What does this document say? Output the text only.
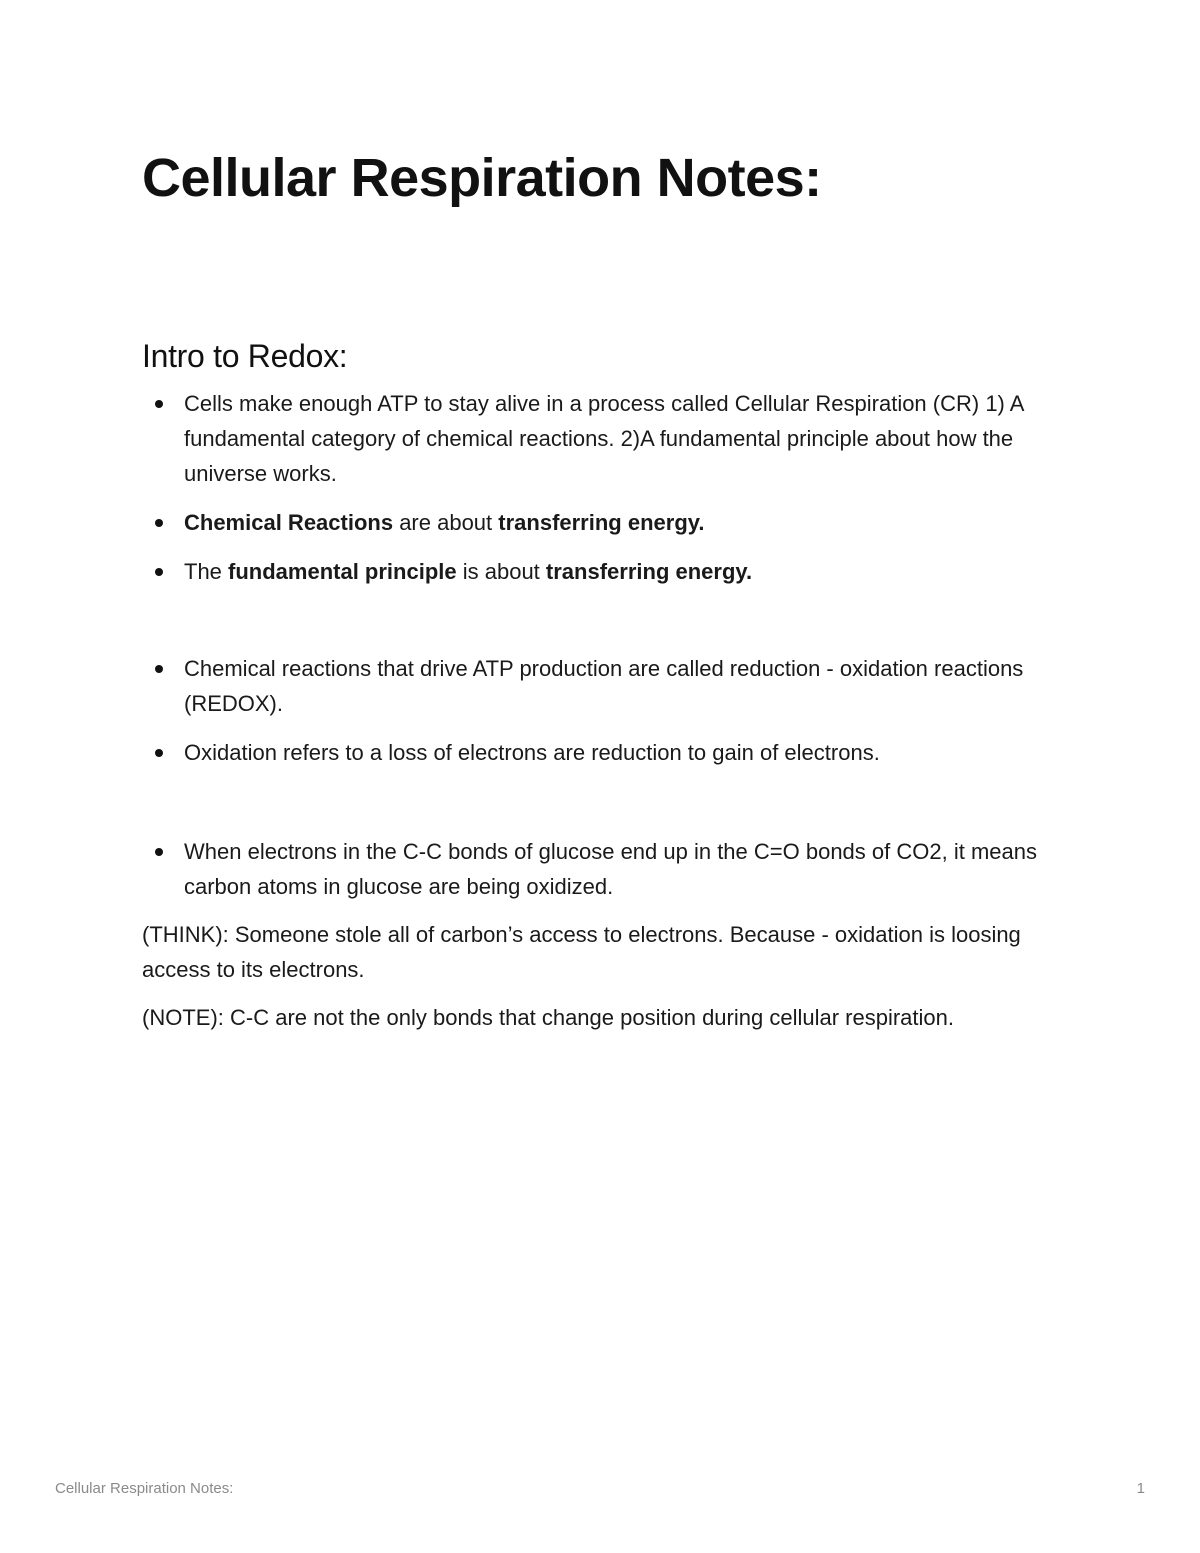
Cellular Respiration Notes:
Intro to Redox:
Cells make enough ATP to stay alive in a process called Cellular Respiration (CR) 1) A fundamental category of chemical reactions. 2)A fundamental principle about how the universe works.
Chemical Reactions are about transferring energy.
The fundamental principle is about transferring energy.
Chemical reactions that drive ATP production are called reduction - oxidation reactions (REDOX).
Oxidation refers to a loss of electrons are reduction to gain of electrons.
When electrons in the C-C bonds of glucose end up in the C=O bonds of CO2, it means carbon atoms in glucose are being oxidized.

(THINK): Someone stole all of carbon’s access to electrons. Because - oxidation is loosing access to its electrons.

(NOTE): C-C are not the only bonds that change position during cellular respiration.

Cellular Respiration Notes:	1
